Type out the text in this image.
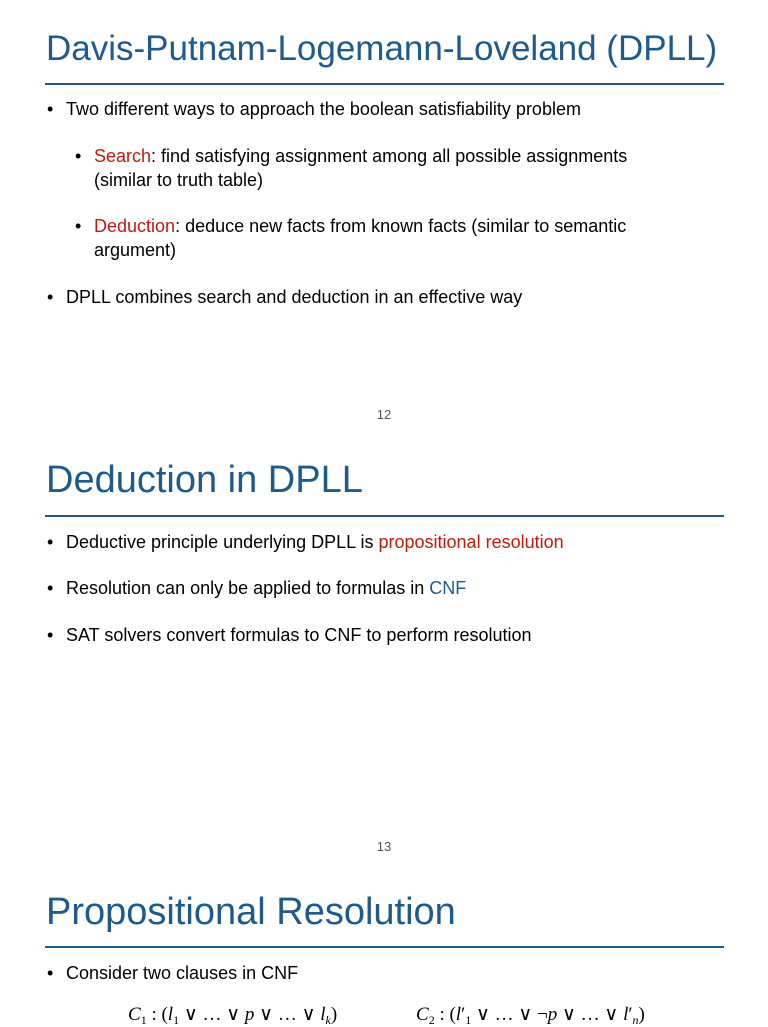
Davis-Putnam-Logemann-Loveland (DPLL)
• Two different ways to approach the boolean satisfiability problem
• Search: find satisfying assignment among all possible assignments
(similar to truth table)
• Deduction: deduce new facts from known facts (similar to semantic
argument)
• DPLL combines search and deduction in an effective way
12
Deduction in DPLL
• Deductive principle underlying DPLL is propositional resolution
• Resolution can only be applied to formulas in CNF
• SAT solvers convert formulas to CNF to perform resolution
13
Propositional Resolution
• Consider two clauses in CNF
$C_1$ : ($l_1$ ∨ … ∨ p ∨ … ∨ $l_k$)	$C_2$ : ($l'_1$ ∨ … ∨ ¬p ∨ … ∨ $l'_n$)
